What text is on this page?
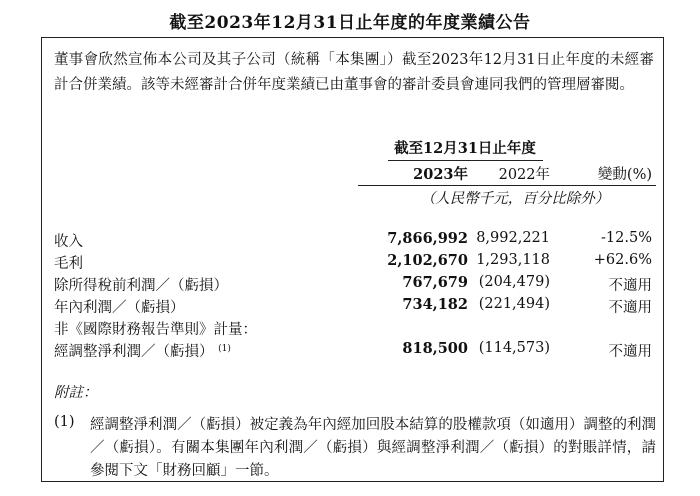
截至2023年12月31日止年度的年度業績公告
董事會欣然宣佈本公司及其子公司（統稱「本集團」）截至2023年12月31日止年度的未經審計合併業績。該等未經審計合併年度業績已由董事會的審計委員會連同我們的管理層審閱。
截至12月31日止年度
2023年	2022年	變動(%)
（人民幣千元，百分比除外）
收入	7,866,992 8,992,221	-12.5%
毛利	2,102,670 1,293,118	+62.6%
除所得稅前利潤／（虧損）	767,679 (204,479)	不適用
年內利潤／（虧損）	734,182 (221,494)	不適用
非《國際財務報告準則》計量：
經調整淨利潤／（虧損） $^{(1)}$	818,500 (114,573)	不適用
附註：
(1) 經調整淨利潤／（虧損）被定義為年內經加回股本結算的股權款項（如適用）調整的利潤／（虧損）。有關本集團年內利潤／（虧損）與經調整淨利潤／（虧損）的對賬詳情，請參閱下文「財務回顧」一節。
